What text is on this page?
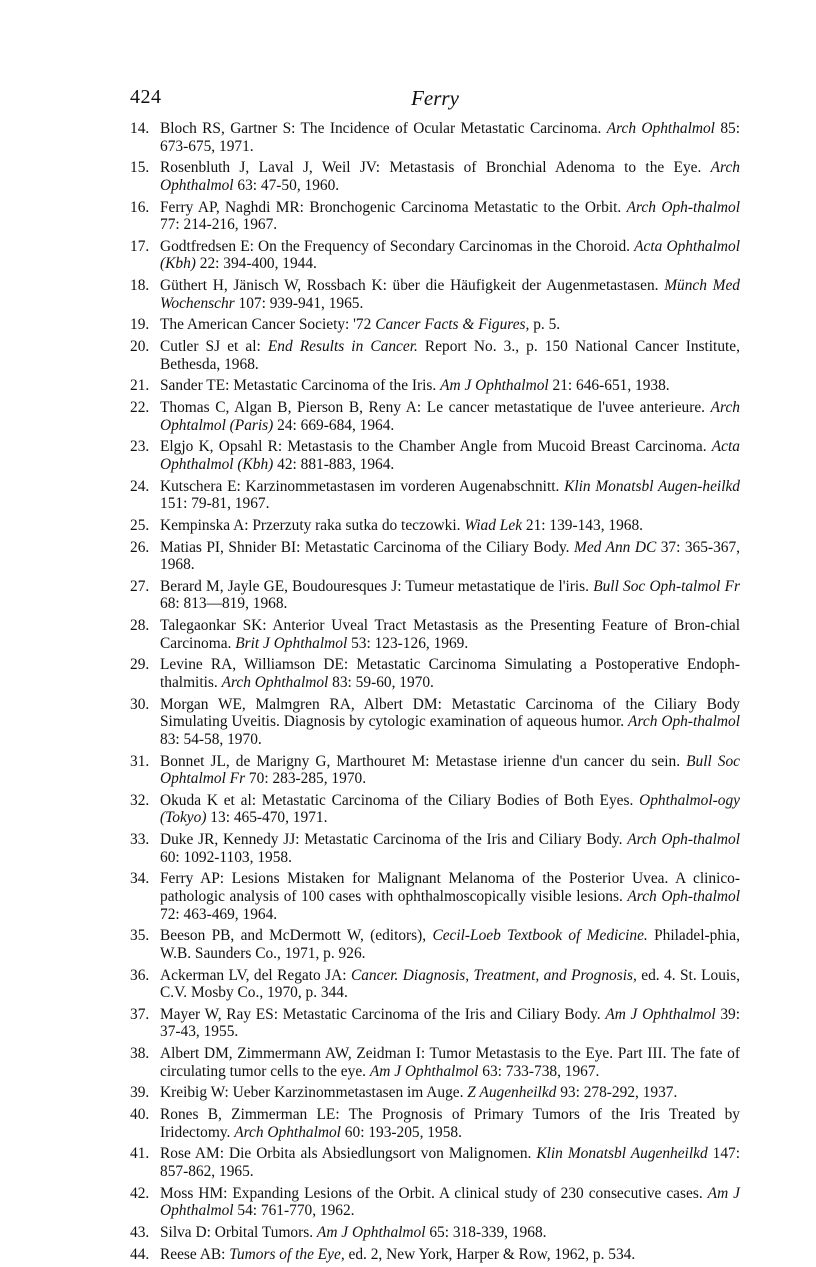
424	Ferry
14. Bloch RS, Gartner S: The Incidence of Ocular Metastatic Carcinoma. Arch Ophthalmol 85: 673-675, 1971.
15. Rosenbluth J, Laval J, Weil JV: Metastasis of Bronchial Adenoma to the Eye. Arch Ophthalmol 63: 47-50, 1960.
16. Ferry AP, Naghdi MR: Bronchogenic Carcinoma Metastatic to the Orbit. Arch Oph-thalmol 77: 214-216, 1967.
17. Godtfredsen E: On the Frequency of Secondary Carcinomas in the Choroid. Acta Ophthalmol (Kbh) 22: 394-400, 1944.
18. Güthert H, Jänisch W, Rossbach K: über die Häufigkeit der Augenmetastasen. Münch Med Wochenschr 107: 939-941, 1965.
19. The American Cancer Society: '72 Cancer Facts & Figures, p. 5.
20. Cutler SJ et al: End Results in Cancer. Report No. 3., p. 150 National Cancer Institute, Bethesda, 1968.
21. Sander TE: Metastatic Carcinoma of the Iris. Am J Ophthalmol 21: 646-651, 1938.
22. Thomas C, Algan B, Pierson B, Reny A: Le cancer metastatique de l'uvee anterieure. Arch Ophtalmol (Paris) 24: 669-684, 1964.
23. Elgjo K, Opsahl R: Metastasis to the Chamber Angle from Mucoid Breast Carcinoma. Acta Ophthalmol (Kbh) 42: 881-883, 1964.
24. Kutschera E: Karzinommetastasen im vorderen Augenabschnitt. Klin Monatsbl Augen-heilkd 151: 79-81, 1967.
25. Kempinska A: Przerzuty raka sutka do teczowki. Wiad Lek 21: 139-143, 1968.
26. Matias PI, Shnider BI: Metastatic Carcinoma of the Ciliary Body. Med Ann DC 37: 365-367, 1968.
27. Berard M, Jayle GE, Boudouresques J: Tumeur metastatique de l'iris. Bull Soc Oph-talmol Fr 68: 813—819, 1968.
28. Talegaonkar SK: Anterior Uveal Tract Metastasis as the Presenting Feature of Bron-chial Carcinoma. Brit J Ophthalmol 53: 123-126, 1969.
29. Levine RA, Williamson DE: Metastatic Carcinoma Simulating a Postoperative Endoph-thalmitis. Arch Ophthalmol 83: 59-60, 1970.
30. Morgan WE, Malmgren RA, Albert DM: Metastatic Carcinoma of the Ciliary Body Simulating Uveitis. Diagnosis by cytologic examination of aqueous humor. Arch Oph-thalmol 83: 54-58, 1970.
31. Bonnet JL, de Marigny G, Marthouret M: Metastase irienne d'un cancer du sein. Bull Soc Ophtalmol Fr 70: 283-285, 1970.
32. Okuda K et al: Metastatic Carcinoma of the Ciliary Bodies of Both Eyes. Ophthalmol-ogy (Tokyo) 13: 465-470, 1971.
33. Duke JR, Kennedy JJ: Metastatic Carcinoma of the Iris and Ciliary Body. Arch Oph-thalmol 60: 1092-1103, 1958.
34. Ferry AP: Lesions Mistaken for Malignant Melanoma of the Posterior Uvea. A clinico-pathologic analysis of 100 cases with ophthalmoscopically visible lesions. Arch Oph-thalmol 72: 463-469, 1964.
35. Beeson PB, and McDermott W, (editors), Cecil-Loeb Textbook of Medicine. Philadel-phia, W.B. Saunders Co., 1971, p. 926.
36. Ackerman LV, del Regato JA: Cancer. Diagnosis, Treatment, and Prognosis, ed. 4. St. Louis, C.V. Mosby Co., 1970, p. 344.
37. Mayer W, Ray ES: Metastatic Carcinoma of the Iris and Ciliary Body. Am J Ophthalmol 39: 37-43, 1955.
38. Albert DM, Zimmermann AW, Zeidman I: Tumor Metastasis to the Eye. Part III. The fate of circulating tumor cells to the eye. Am J Ophthalmol 63: 733-738, 1967.
39. Kreibig W: Ueber Karzinommetastasen im Auge. Z Augenheilkd 93: 278-292, 1937.
40. Rones B, Zimmerman LE: The Prognosis of Primary Tumors of the Iris Treated by Iridectomy. Arch Ophthalmol 60: 193-205, 1958.
41. Rose AM: Die Orbita als Absiedlungsort von Malignomen. Klin Monatsbl Augenheilkd 147: 857-862, 1965.
42. Moss HM: Expanding Lesions of the Orbit. A clinical study of 230 consecutive cases. Am J Ophthalmol 54: 761-770, 1962.
43. Silva D: Orbital Tumors. Am J Ophthalmol 65: 318-339, 1968.
44. Reese AB: Tumors of the Eye, ed. 2, New York, Harper & Row, 1962, p. 534.
